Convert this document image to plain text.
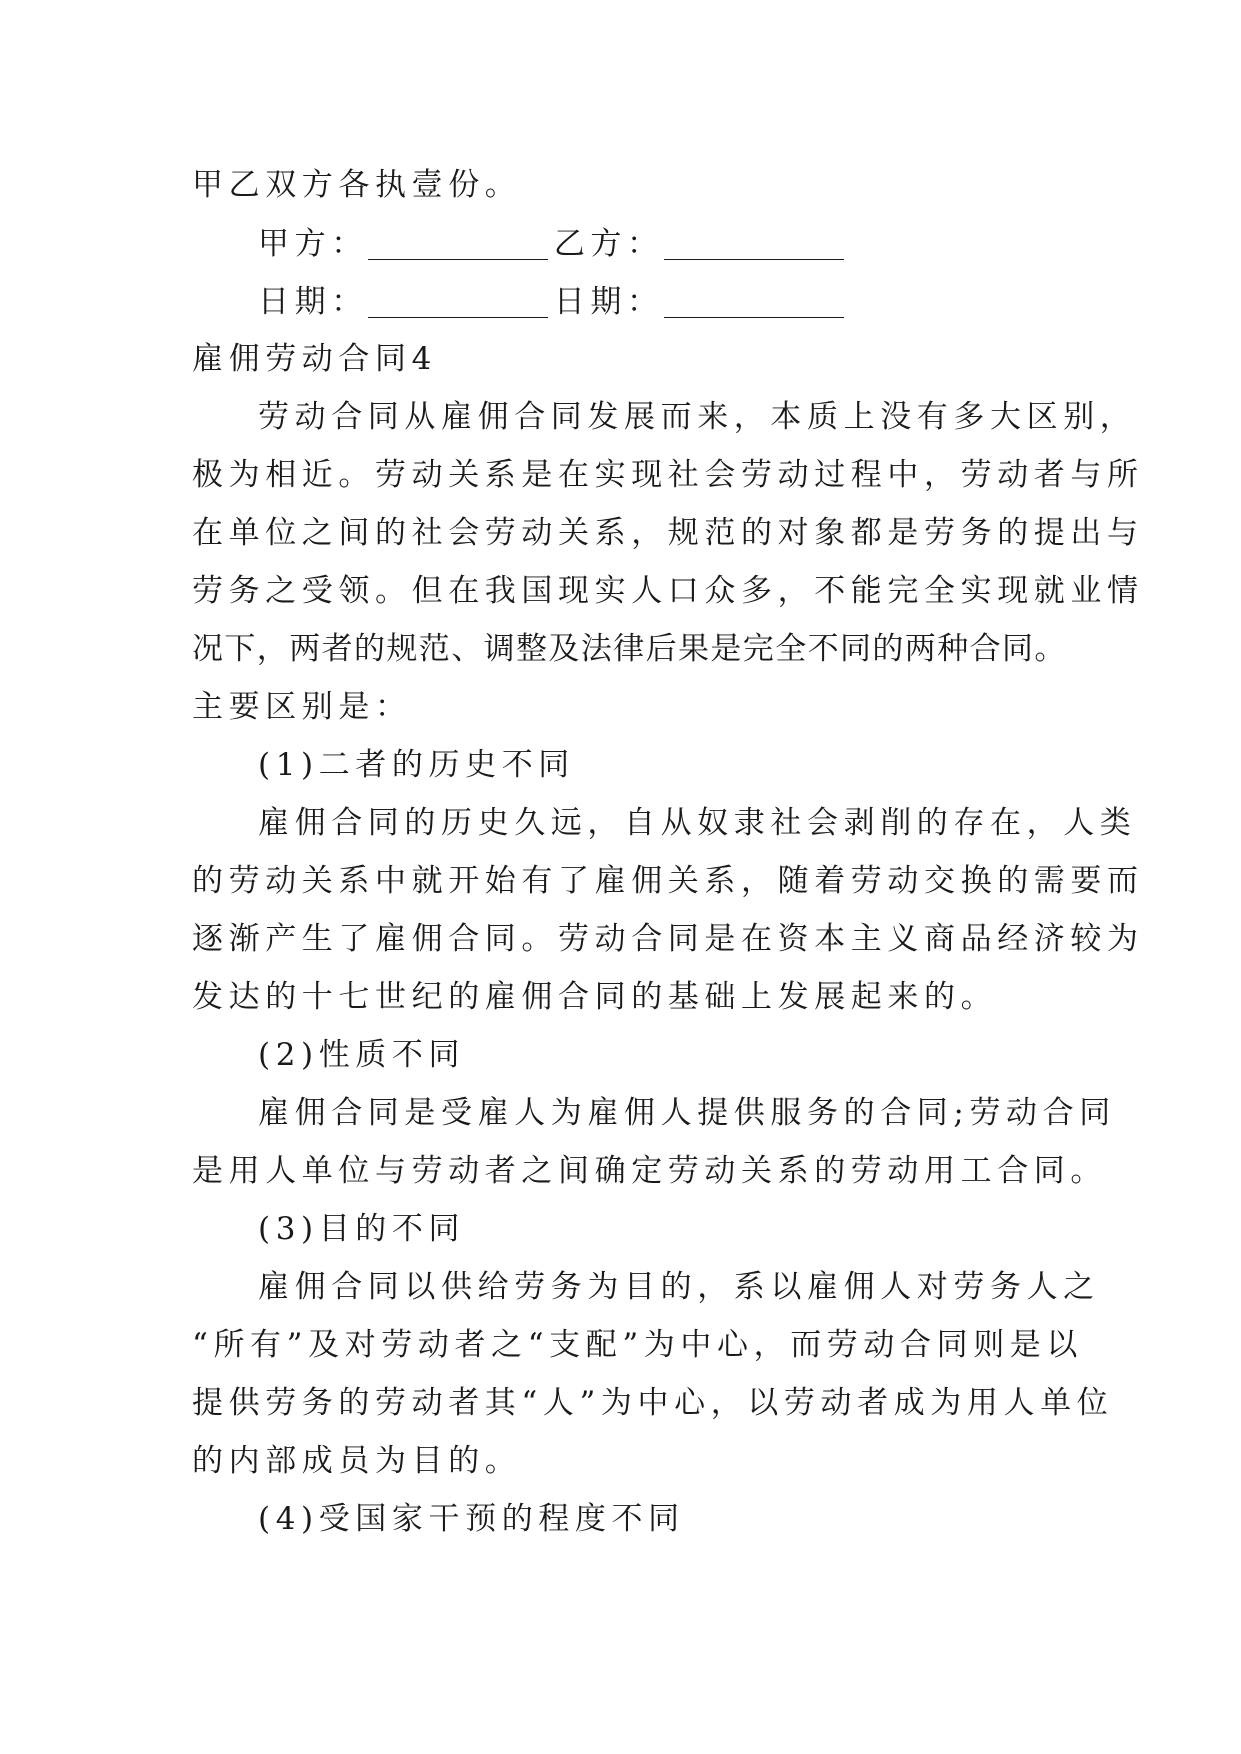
甲乙双方各执壹份。
甲方：	乙方：
日期：	日期：
雇佣劳动合同4
劳动合同从雇佣合同发展而来，本质上没有多大区别，
极为相近。劳动关系是在实现社会劳动过程中，劳动者与所
在单位之间的社会劳动关系，规范的对象都是劳务的提出与
劳务之受领。但在我国现实人口众多，不能完全实现就业情
况下，两者的规范、调整及法律后果是完全不同的两种合同。
主要区别是：
(1)二者的历史不同
雇佣合同的历史久远，自从奴隶社会剥削的存在，人类
的劳动关系中就开始有了雇佣关系，随着劳动交换的需要而
逐渐产生了雇佣合同。劳动合同是在资本主义商品经济较为
发达的十七世纪的雇佣合同的基础上发展起来的。
(2)性质不同
雇佣合同是受雇人为雇佣人提供服务的合同;劳动合同
是用人单位与劳动者之间确定劳动关系的劳动用工合同。
(3)目的不同
雇佣合同以供给劳务为目的，系以雇佣人对劳务人之
“所有”及对劳动者之“支配”为中心，而劳动合同则是以
提供劳务的劳动者其“人”为中心，以劳动者成为用人单位
的内部成员为目的。
(4)受国家干预的程度不同
